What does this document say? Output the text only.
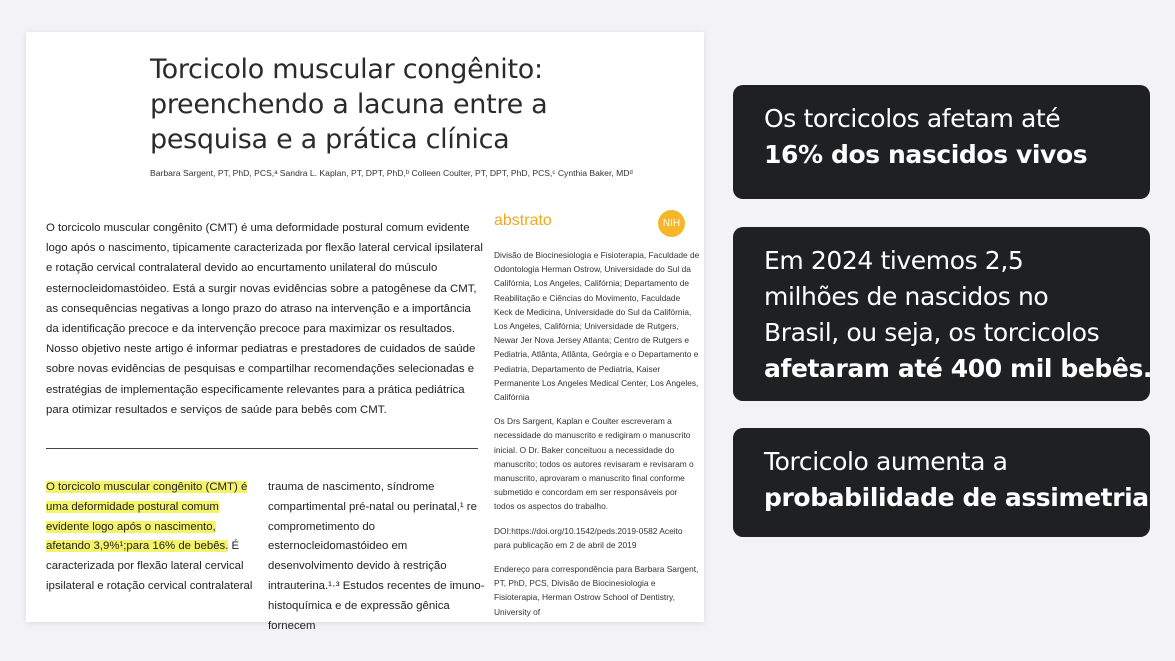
Torcicolo muscular congênito:
preenchendo a lacuna entre a
pesquisa e a prática clínica
Barbara Sargent, PT, PhD, PCS,ᵃ Sandra L. Kaplan, PT, DPT, PhD,ᵇ Colleen Coulter, PT, DPT, PhD, PCS,ᶜ Cynthia Baker, MDᵈ
O torcicolo muscular congênito (CMT) é uma deformidade postural comum evidente logo após o nascimento, tipicamente caracterizada por flexão lateral cervical ipsilateral e rotação cervical contralateral devido ao encurtamento unilateral do músculo esternocleidomastóideo. Está a surgir novas evidências sobre a patogênese da CMT, as consequências negativas a longo prazo do atraso na intervenção e a importância da identificação precoce e da intervenção precoce para maximizar os resultados. Nosso objetivo neste artigo é informar pediatras e prestadores de cuidados de saúde sobre novas evidências de pesquisas e compartilhar recomendações selecionadas e estratégias de implementação especificamente relevantes para a prática pediátrica para otimizar resultados e serviços de saúde para bebês com CMT.
O torcicolo muscular congênito (CMT) é uma deformidade postural comum evidente logo após o nascimento, afetando 3,9%¹;para 16% de bebês. É caracterizada por flexão lateral cervical ipsilateral e rotação cervical contralateral
trauma de nascimento, síndrome compartimental pré-natal ou perinatal,¹ re comprometimento do esternocleidomastóideo em desenvolvimento devido à restrição intrauterina.¹·³ Estudos recentes de imuno-histoquímica e de expressão gênica fornecem
abstrato	NIH

Divisão de Biocinesiologia e Fisioterapia, Faculdade de Odontologia Herman Ostrow, Universidade do Sul da Califórnia, Los Angeles, Califórnia; Departamento de Reabilitação e Ciências do Movimento, Faculdade Keck de Medicina, Universidade do Sul da Califórnia, Los Angeles, Califórnia; Universidade de Rutgers, Newar Jer Nova Jersey Atlanta; Centro de Rutgers e Pediatria, Atlânta, Atlânta, Geórgia e o Departamento e Pediatria, Departamento de Pediatria, Kaiser Permanente Los Angeles Medical Center, Los Angeles, Califórnia

Os Drs Sargent, Kaplan e Coulter escreveram a necessidade do manuscrito e redigiram o manuscrito inicial. O Dr. Baker conceituou a necessidade do manuscrito; todos os autores revisaram e revisaram o manuscrito, aprovaram o manuscrito final conforme submetido e concordam em ser responsáveis por todos os aspectos do trabalho.

DOI:https://doi.org/10.1542/peds.2019-0582 Aceito para publicação em 2 de abril de 2019

Endereço para correspondência para Barbara Sargent, PT, PhD, PCS, Divisão de Biocinesiologia e Fisioterapia, Herman Ostrow School of Dentistry, University of

Os torcicolos afetam até
16% dos nascidos vivos
Em 2024 tivemos 2,5
milhões de nascidos no
Brasil, ou seja, os torcicolos
afetaram até 400 mil bebês.
Torcicolo aumenta a
probabilidade de assimetria
